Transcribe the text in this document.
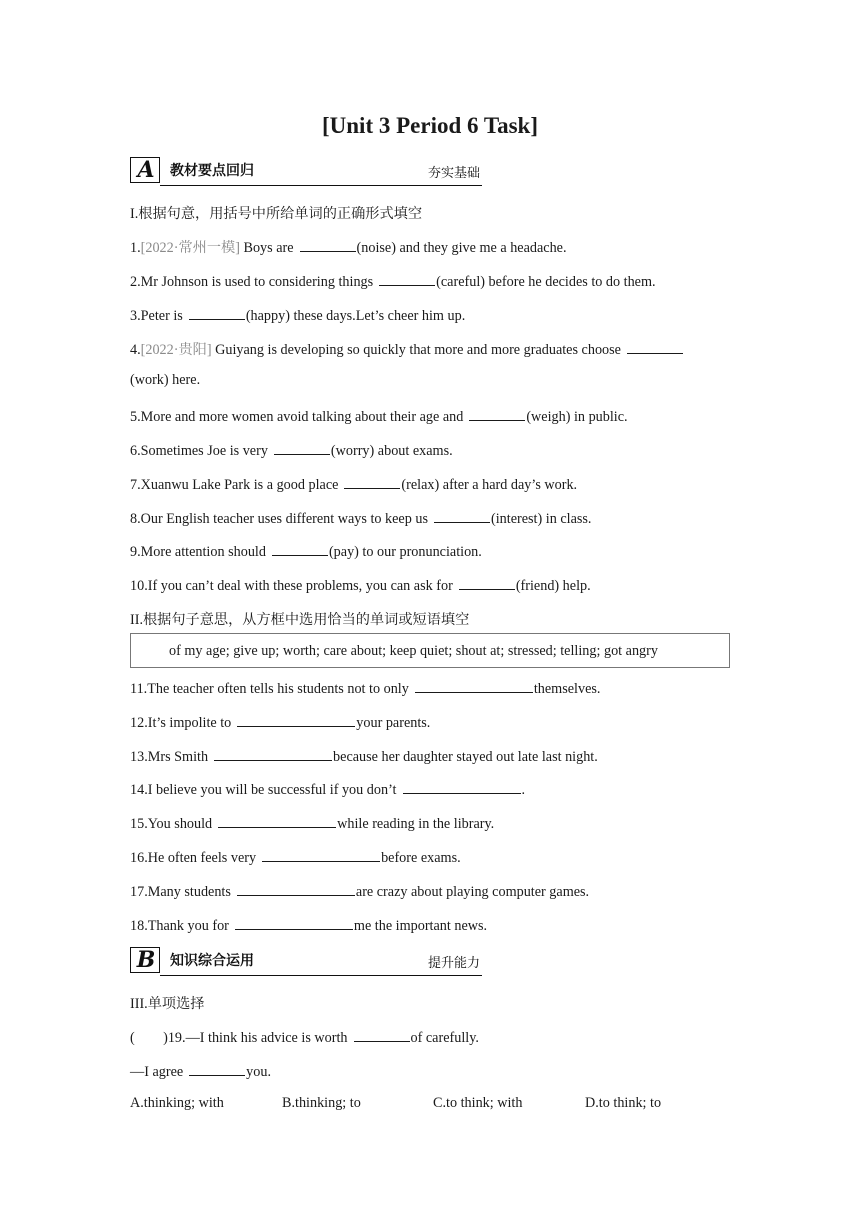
[Unit 3 Period 6 Task]
A 教材要点回归	夯实基础
I.根据句意，用括号中所给单词的正确形式填空
1.[2022·常州一模] Boys are	(noise) and they give me a headache.
2.Mr Johnson is used to considering things	(careful) before he decides to do them.
3.Peter is	(happy) these days.Let’s cheer him up.
4.[2022·贵阳] Guiyang is developing so quickly that more and more graduates choose
(work) here.
5.More and more women avoid talking about their age and	(weigh) in public.
6.Sometimes Joe is very	(worry) about exams.
7.Xuanwu Lake Park is a good place	(relax) after a hard day’s work.
8.Our English teacher uses different ways to keep us	(interest) in class.
9.More attention should	(pay) to our pronunciation.
10.If you can’t deal with these problems, you can ask for	(friend) help.
II.根据句子意思，从方框中选用恰当的单词或短语填空
of my age; give up; worth; care about; keep quiet; shout at; stressed; telling; got angry
11.The teacher often tells his students not to only	themselves.
12.It’s impolite to	your parents.
13.Mrs Smith	because her daughter stayed out late last night.
14.I believe you will be successful if you don’t	.
15.You should	while reading in the library.
16.He often feels very	before exams.
17.Many students	are crazy about playing computer games.
18.Thank you for	me the important news.
B 知识综合运用	提升能力
III.单项选择
(　　)19.—I think his advice is worth	of carefully.
—I agree	you.
A.thinking; with	B.thinking; to	C.to think; with	D.to think; to
